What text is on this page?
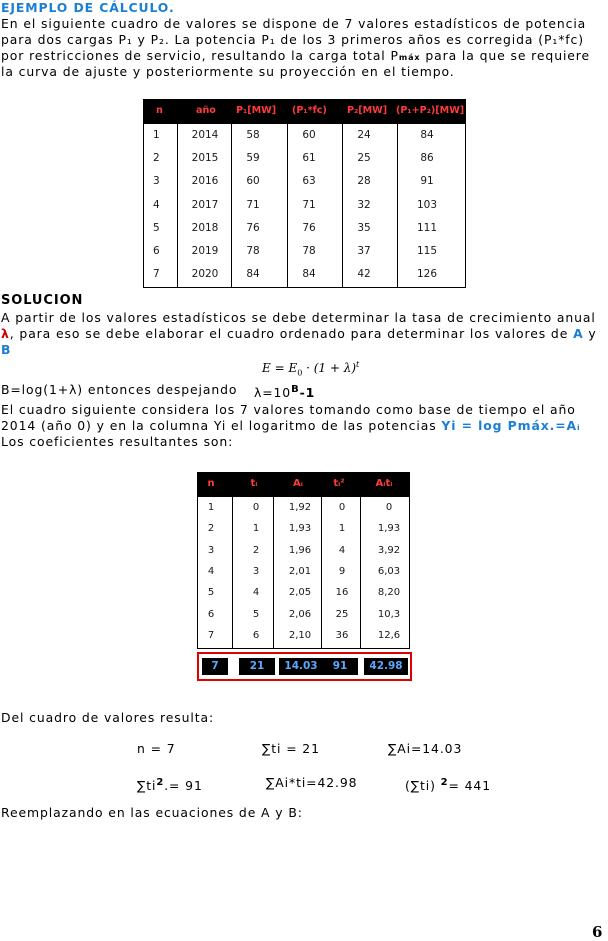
EJEMPLO DE CÁLCULO.
En el siguiente cuadro de valores se dispone de 7 valores estadísticos de potencia
para dos cargas P₁ y P₂. La potencia P₁ de los 3 primeros años es corregida (P₁*fc)
por restricciones de servicio, resultando la carga total Pmáx para la que se requiere
la curva de ajuste y posteriormente su proyección en el tiempo.
n	año P₁[MW] (P₁*fc) P₂[MW] (P₁+P₂)[MW]
1	2014	58	60	24	84
2	2015	59	61	25	86
3	2016	60	63	28	91
4	2017	71	71	32	103
5	2018	76	76	35	111
6	2019	78	78	37	115
7	2020	84	84	42	126
SOLUCION
A partir de los valores estadísticos se debe determinar la tasa de crecimiento anual
λ, para eso se debe elaborar el cuadro ordenado para determinar los valores de A y
B
$E = E_0 \cdot (1 + \lambda)^t$
B=log(1+λ) entonces despejando $\lambda=10^B-1$
El cuadro siguiente considera los 7 valores tomando como base de tiempo el año
2014 (año 0) y en la columna Yi el logaritmo de las potencias Yi = log Pmáx.=Aᵢ
Los coeficientes resultantes son:
n	tᵢ	Aᵢ	tᵢ²	Aᵢtᵢ
1	0	1,92	0	0
2	1	1,93	1	1,93
3	2	1,96	4	3,92
4	3	2,01	9	6,03
5	4	2,05 16	8,20
6	5	2,06 25	10,3
7	6	2,10 36	12,6
7	21	14.03	91	42.98
Del cuadro de valores resulta:
n = 7	∑ti = 21	∑Ai=14.03
$\sum ti^2.= 91$	∑Ai*ti=42.98	(∑ti) $^2$= 441
Reemplazando en las ecuaciones de A y B:
6
